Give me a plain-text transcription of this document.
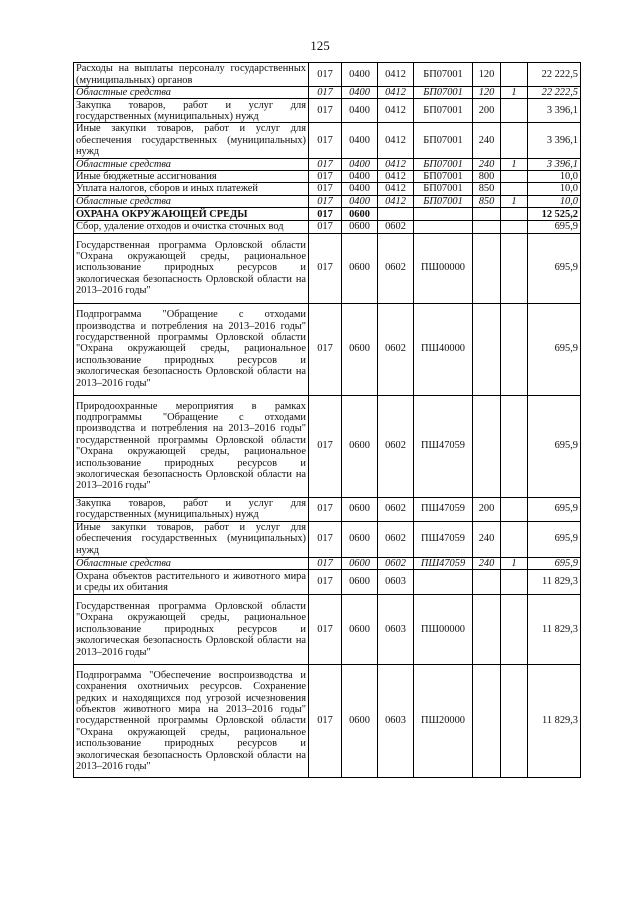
125
Расходы на выплаты персоналу государственных (муниципальных) органов	017	0400	0412	БП07001	120		22 222,5
Областные средства	017	0400	0412	БП07001	120	1	22 222,5
Закупка товаров, работ и услуг для государственных (муниципальных) нужд	017	0400	0412	БП07001	200		3 396,1
Иные закупки товаров, работ и услуг для обеспечения государственных (муниципальных) нужд	017	0400	0412	БП07001	240		3 396,1
Областные средства	017	0400	0412	БП07001	240	1	3 396,1
Иные бюджетные ассигнования	017	0400	0412	БП07001	800		10,0
Уплата налогов, сборов и иных платежей	017	0400	0412	БП07001	850		10,0
Областные средства	017	0400	0412	БП07001	850	1	10,0
ОХРАНА ОКРУЖАЮЩЕЙ СРЕДЫ	017	0600					12 525,2
Сбор, удаление отходов и очистка сточных вод	017	0600	0602				695,9
Государственная программа Орловской области "Охрана окружающей среды, рациональное использование природных ресурсов и экологическая безопасность Орловской области на 2013–2016 годы"	017	0600	0602	ПШ00000			695,9
Подпрограмма "Обращение с отходами производства и потребления на 2013–2016 годы" государственной программы Орловской области "Охрана окружающей среды, рациональное использование природных ресурсов и экологическая безопасность Орловской области на 2013–2016 годы"	017	0600	0602	ПШ40000			695,9
Природоохранные мероприятия в рамках подпрограммы "Обращение с отходами производства и потребления на 2013–2016 годы" государственной программы Орловской области "Охрана окружающей среды, рациональное использование природных ресурсов и экологическая безопасность Орловской области на 2013–2016 годы"	017	0600	0602	ПШ47059			695,9
Закупка товаров, работ и услуг для государственных (муниципальных) нужд	017	0600	0602	ПШ47059	200		695,9
Иные закупки товаров, работ и услуг для обеспечения государственных (муниципальных) нужд	017	0600	0602	ПШ47059	240		695,9
Областные средства	017	0600	0602	ПШ47059	240	1	695,9
Охрана объектов растительного и животного мира и среды их обитания	017	0600	0603				11 829,3
Государственная программа Орловской области "Охрана окружающей среды, рациональное использование природных ресурсов и экологическая безопасность Орловской области на 2013–2016 годы"	017	0600	0603	ПШ00000			11 829,3
Подпрограмма "Обеспечение воспроизводства и сохранения охотничьих ресурсов. Сохранение редких и находящихся под угрозой исчезновения объектов животного мира на 2013–2016 годы" государственной программы Орловской области "Охрана окружающей среды, рациональное использование природных ресурсов и экологическая безопасность Орловской области на 2013–2016 годы"	017	0600	0603	ПШ20000			11 829,3
